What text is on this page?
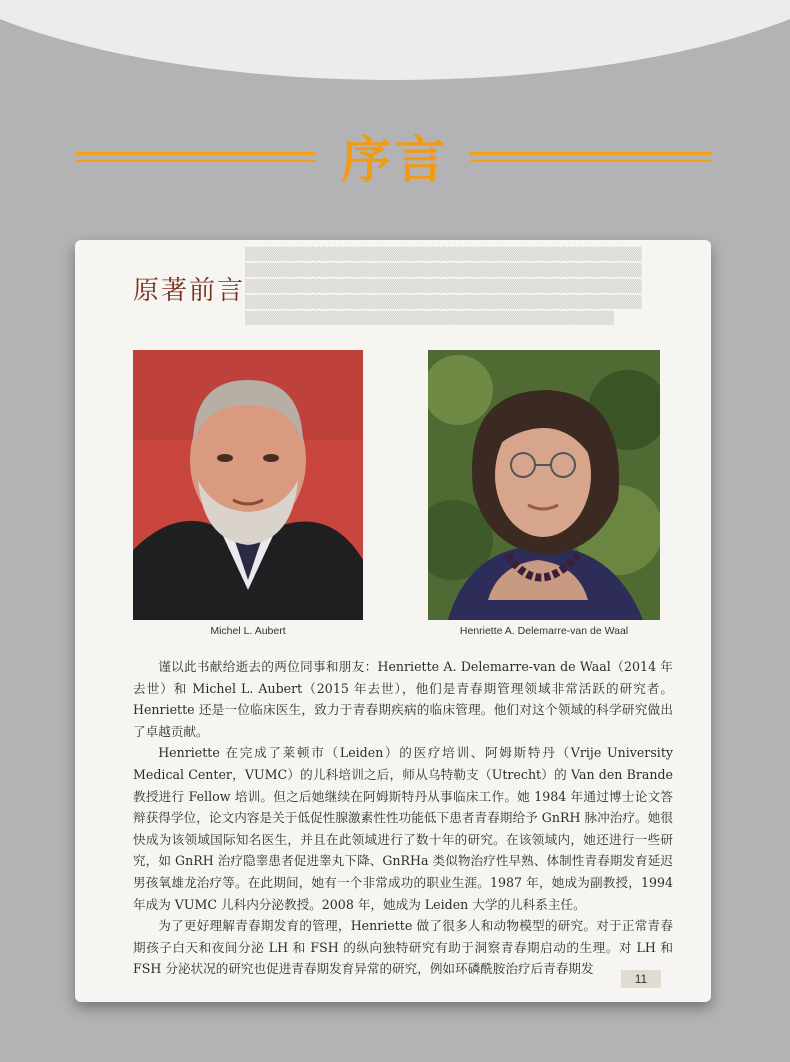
序言
▒▒▒▒▒▒▒▒▒▒▒▒▒▒▒▒▒▒▒▒▒▒▒▒▒▒▒▒▒▒▒▒▒▒▒▒▒▒▒▒▒▒▒
▒▒▒▒▒▒▒▒▒▒▒▒▒▒▒▒▒▒▒▒▒▒▒▒▒▒▒▒▒▒▒▒▒▒▒▒▒▒▒▒▒▒▒
▒▒▒▒▒▒▒▒▒▒▒▒▒▒▒▒▒▒▒▒▒▒▒▒▒▒▒▒▒▒▒▒▒▒▒▒▒▒▒▒▒▒▒
▒▒▒▒▒▒▒▒▒▒▒▒▒▒▒▒▒▒▒▒▒▒▒▒▒▒▒▒▒▒▒▒▒▒▒▒▒▒▒▒▒▒▒
▒▒▒▒▒▒▒▒▒▒▒▒▒▒▒▒▒▒▒▒▒▒▒▒▒▒▒▒▒▒▒▒▒▒▒▒▒▒▒▒
原著前言
Michel L. Aubert	Henriette A. Delemarre-van de Waal

谨以此书献给逝去的两位同事和朋友：Henriette A. Delemarre-van de Waal（2014 年去世）和 Michel L. Aubert（2015 年去世），他们是青春期管理领域非常活跃的研究者。Henriette 还是一位临床医生，致力于青春期疾病的临床管理。他们对这个领域的科学研究做出了卓越贡献。

Henriette 在完成了莱顿市（Leiden）的医疗培训、阿姆斯特丹（Vrije University Medical Center，VUMC）的儿科培训之后，师从乌特勒支（Utrecht）的 Van den Brande 教授进行 Fellow 培训。但之后她继续在阿姆斯特丹从事临床工作。她 1984 年通过博士论文答辩获得学位，论文内容是关于低促性腺激素性性功能低下患者青春期给予 GnRH 脉冲治疗。她很快成为该领域国际知名医生，并且在此领域进行了数十年的研究。在该领域内，她还进行一些研究，如 GnRH 治疗隐睾患者促进睾丸下降、GnRHa 类似物治疗性早熟、体制性青春期发育延迟男孩氧雄龙治疗等。在此期间，她有一个非常成功的职业生涯。1987 年，她成为副教授，1994 年成为 VUMC 儿科内分泌教授。2008 年，她成为 Leiden 大学的儿科系主任。

为了更好理解青春期发育的管理，Henriette 做了很多人和动物模型的研究。对于正常青春期孩子白天和夜间分泌 LH 和 FSH 的纵向独特研究有助于洞察青春期启动的生理。对 LH 和 FSH 分泌状况的研究也促进青春期发育异常的研究，例如环磷酰胺治疗后青春期发

11
